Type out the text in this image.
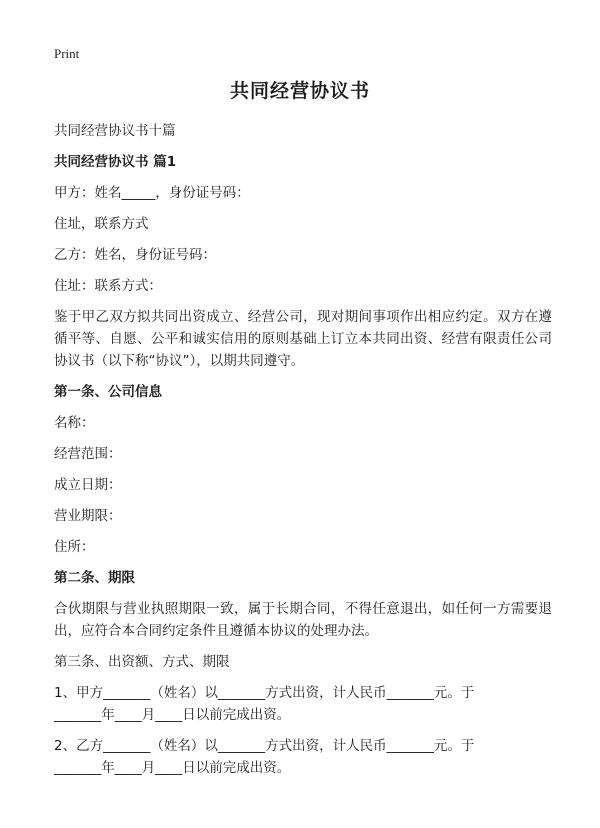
Print
共同经营协议书

共同经营协议书十篇

共同经营协议书 篇1

甲方：姓名_____，身份证号码：

住址，联系方式

乙方：姓名，身份证号码：

住址：联系方式：

鉴于甲乙双方拟共同出资成立、经营公司，现对期间事项作出相应约定。双方在遵循平等、自愿、公平和诚实信用的原则基础上订立本共同出资、经营有限责任公司协议书（以下称“协议”），以期共同遵守。

第一条、公司信息

名称：

经营范围：

成立日期：

营业期限：

住所：

第二条、期限

合伙期限与营业执照期限一致，属于长期合同，不得任意退出，如任何一方需要退出，应符合本合同约定条件且遵循本协议的处理办法。

第三条、出资额、方式、期限

1、甲方_______（姓名）以_______方式出资，计人民币_______元。于

_______年____月____日以前完成出资。

2、乙方_______（姓名）以_______方式出资，计人民币_______元。于

_______年____月____日以前完成出资。
